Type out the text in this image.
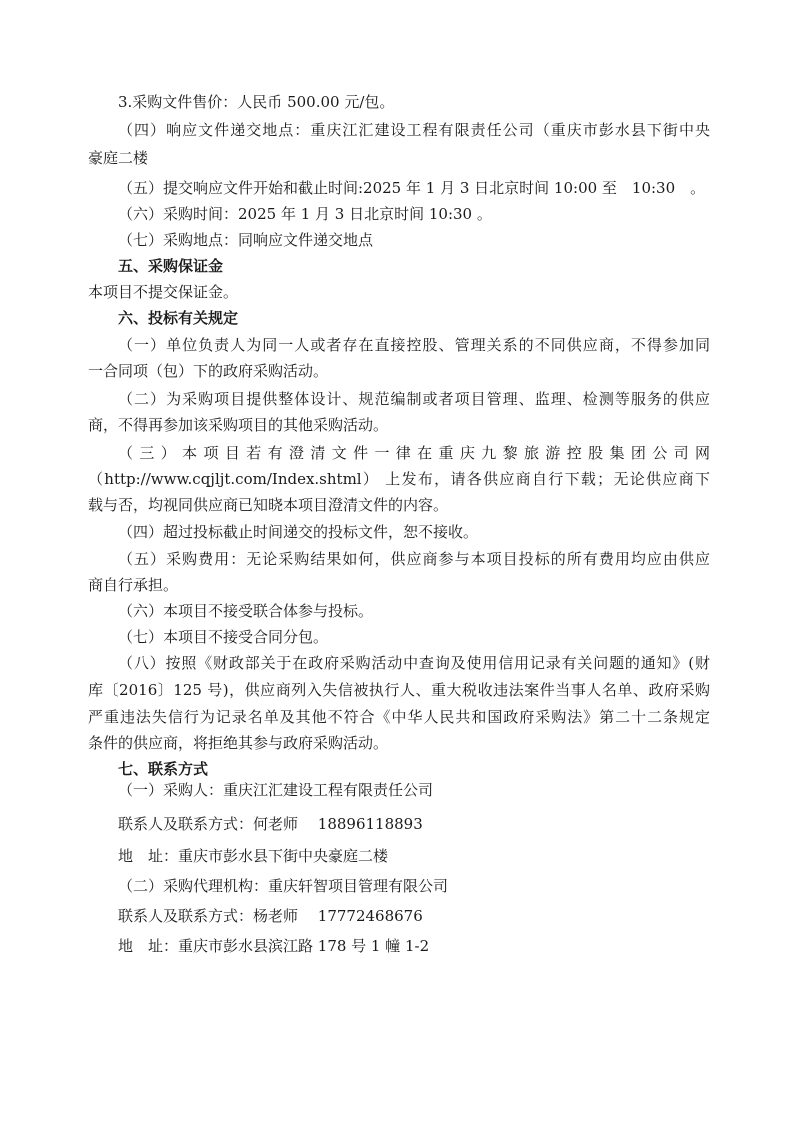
3.采购文件售价：人民币 500.00 元/包。

（四）响应文件递交地点：重庆江汇建设工程有限责任公司（重庆市彭水县下街中央

豪庭二楼

（五）提交响应文件开始和截止时间:2025 年 1 月 3 日北京时间 10:00 至　10:30　。

（六）采购时间：2025 年 1 月 3 日北京时间 10:30 。

（七）采购地点：同响应文件递交地点

五、采购保证金

本项目不提交保证金。

六、投标有关规定

（一）单位负责人为同一人或者存在直接控股、管理关系的不同供应商，不得参加同

一合同项（包）下的政府采购活动。

（二）为采购项目提供整体设计、规范编制或者项目管理、监理、检测等服务的供应

商，不得再参加该采购项目的其他采购活动。

（三）本项目若有澄清文件一律在重庆九黎旅游控股集团公司网

（http://www.cqjljt.com/Index.shtml） 上发布，请各供应商自行下载；无论供应商下

载与否，均视同供应商已知晓本项目澄清文件的内容。

（四）超过投标截止时间递交的投标文件，恕不接收。

（五）采购费用：无论采购结果如何，供应商参与本项目投标的所有费用均应由供应

商自行承担。

（六）本项目不接受联合体参与投标。

（七）本项目不接受合同分包。

（八）按照《财政部关于在政府采购活动中查询及使用信用记录有关问题的通知》(财

库〔2016〕125 号)，供应商列入失信被执行人、重大税收违法案件当事人名单、政府采购

严重违法失信行为记录名单及其他不符合《中华人民共和国政府采购法》第二十二条规定

条件的供应商，将拒绝其参与政府采购活动。

七、联系方式

（一）采购人：重庆江汇建设工程有限责任公司

联系人及联系方式：何老师　 18896118893

地　址：重庆市彭水县下街中央豪庭二楼

（二）采购代理机构：重庆轩智项目管理有限公司

联系人及联系方式：杨老师　 17772468676

地　址：重庆市彭水县滨江路 178 号 1 幢 1-2
